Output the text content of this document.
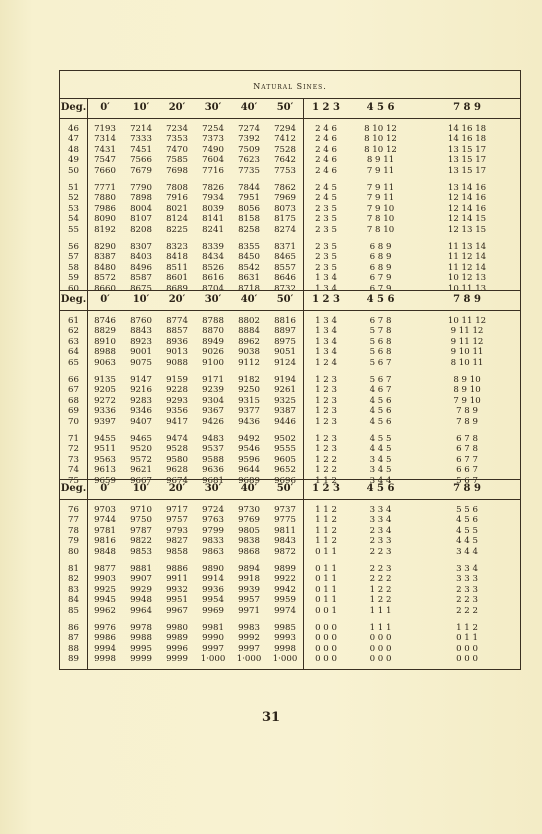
Natural Sines.
Deg.	0′	10′	20′	30′	40′	50′	1 2 3	4 5 6	7 8 9
46	7193	7214	7234	7254	7274	7294	2 4 6	8 10 12	14 16 18
47	7314	7333	7353	7373	7392	7412	2 4 6	8 10 12	14 16 18
48	7431	7451	7470	7490	7509	7528	2 4 6	8 10 12	13 15 17
49	7547	7566	7585	7604	7623	7642	2 4 6	8 9 11	13 15 17
50	7660	7679	7698	7716	7735	7753	2 4 6	7 9 11	13 15 17
51	7771	7790	7808	7826	7844	7862	2 4 5	7 9 11	13 14 16
52	7880	7898	7916	7934	7951	7969	2 4 5	7 9 11	12 14 16
53	7986	8004	8021	8039	8056	8073	2 3 5	7 9 10	12 14 16
54	8090	8107	8124	8141	8158	8175	2 3 5	7 8 10	12 14 15
55	8192	8208	8225	8241	8258	8274	2 3 5	7 8 10	12 13 15
56	8290	8307	8323	8339	8355	8371	2 3 5	6 8 9	11 13 14
57	8387	8403	8418	8434	8450	8465	2 3 5	6 8 9	11 12 14
58	8480	8496	8511	8526	8542	8557	2 3 5	6 8 9	11 12 14
59	8572	8587	8601	8616	8631	8646	1 3 4	6 7 9	10 12 13
60	8660	8675	8689	8704	8718	8732	1 3 4	6 7 9	10 11 13
Deg.	0′	10′	20′	30′	40′	50′	1 2 3	4 5 6	7 8 9
61	8746	8760	8774	8788	8802	8816	1 3 4	6 7 8	10 11 12
62	8829	8843	8857	8870	8884	8897	1 3 4	5 7 8	9 11 12
63	8910	8923	8936	8949	8962	8975	1 3 4	5 6 8	9 11 12
64	8988	9001	9013	9026	9038	9051	1 3 4	5 6 8	9 10 11
65	9063	9075	9088	9100	9112	9124	1 2 4	5 6 7	8 10 11
66	9135	9147	9159	9171	9182	9194	1 2 3	5 6 7	8 9 10
67	9205	9216	9228	9239	9250	9261	1 2 3	4 6 7	8 9 10
68	9272	9283	9293	9304	9315	9325	1 2 3	4 5 6	7 9 10
69	9336	9346	9356	9367	9377	9387	1 2 3	4 5 6	7 8 9
70	9397	9407	9417	9426	9436	9446	1 2 3	4 5 6	7 8 9
71	9455	9465	9474	9483	9492	9502	1 2 3	4 5 5	6 7 8
72	9511	9520	9528	9537	9546	9555	1 2 3	4 4 5	6 7 8
73	9563	9572	9580	9588	9596	9605	1 2 2	3 4 5	6 7 7
74	9613	9621	9628	9636	9644	9652	1 2 2	3 4 5	6 6 7
75	9659	9667	9674	9681	9689	9696	1 1 2	3 4 4	5 6 7
Deg.	0′	10′	20′	30′	40′	50′	1 2 3	4 5 6	7 8 9
76	9703	9710	9717	9724	9730	9737	1 1 2	3 3 4	5 5 6
77	9744	9750	9757	9763	9769	9775	1 1 2	3 3 4	4 5 6
78	9781	9787	9793	9799	9805	9811	1 1 2	2 3 4	4 5 5
79	9816	9822	9827	9833	9838	9843	1 1 2	2 3 3	4 4 5
80	9848	9853	9858	9863	9868	9872	0 1 1	2 2 3	3 4 4
81	9877	9881	9886	9890	9894	9899	0 1 1	2 2 3	3 3 4
82	9903	9907	9911	9914	9918	9922	0 1 1	2 2 2	3 3 3
83	9925	9929	9932	9936	9939	9942	0 1 1	1 2 2	2 3 3
84	9945	9948	9951	9954	9957	9959	0 1 1	1 2 2	2 2 3
85	9962	9964	9967	9969	9971	9974	0 0 1	1 1 1	2 2 2
86	9976	9978	9980	9981	9983	9985	0 0 0	1 1 1	1 1 2
87	9986	9988	9989	9990	9992	9993	0 0 0	0 0 0	0 1 1
88	9994	9995	9996	9997	9997	9998	0 0 0	0 0 0	0 0 0
89	9998	9999	9999	1·000	1·000	1·000	0 0 0	0 0 0	0 0 0
31
